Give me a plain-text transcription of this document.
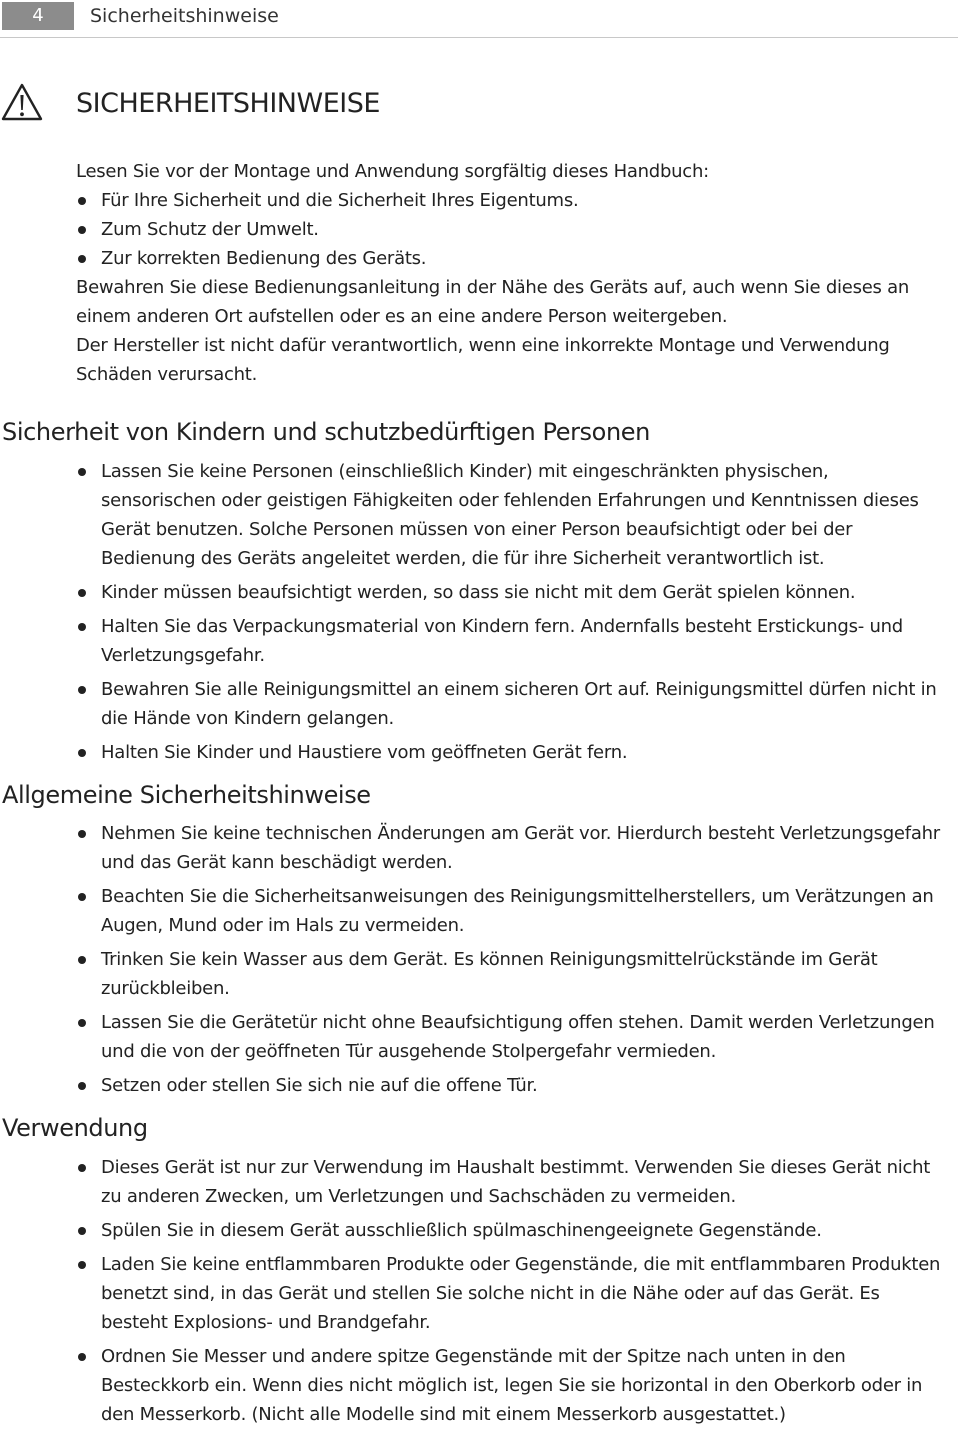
4	Sicherheitshinweise
SICHERHEITSHINWEISE

Lesen Sie vor der Montage und Anwendung sorgfältig dieses Handbuch:

Für Ihre Sicherheit und die Sicherheit Ihres Eigentums.
Zum Schutz der Umwelt.
Zur korrekten Bedienung des Geräts.

Bewahren Sie diese Bedienungsanleitung in der Nähe des Geräts auf, auch wenn Sie dieses an einem anderen Ort aufstellen oder es an eine andere Person weitergeben.

Der Hersteller ist nicht dafür verantwortlich, wenn eine inkorrekte Montage und Verwendung Schäden verursacht.

Sicherheit von Kindern und schutzbedürftigen Personen
Lassen Sie keine Personen (einschließlich Kinder) mit eingeschränkten physischen, sensorischen oder geistigen Fähigkeiten oder fehlenden Erfahrungen und Kenntnissen dieses Gerät benutzen. Solche Personen müssen von einer Person beaufsichtigt oder bei der Bedienung des Geräts angeleitet werden, die für ihre Sicherheit verantwortlich ist.
Kinder müssen beaufsichtigt werden, so dass sie nicht mit dem Gerät spielen können.
Halten Sie das Verpackungsmaterial von Kindern fern. Andernfalls besteht Erstickungs- und Verletzungsgefahr.
Bewahren Sie alle Reinigungsmittel an einem sicheren Ort auf. Reinigungsmittel dürfen nicht in die Hände von Kindern gelangen.
Halten Sie Kinder und Haustiere vom geöffneten Gerät fern.
Allgemeine Sicherheitshinweise
Nehmen Sie keine technischen Änderungen am Gerät vor. Hierdurch besteht Verletzungsgefahr und das Gerät kann beschädigt werden.
Beachten Sie die Sicherheitsanweisungen des Reinigungsmittelherstellers, um Verätzungen an Augen, Mund oder im Hals zu vermeiden.
Trinken Sie kein Wasser aus dem Gerät. Es können Reinigungsmittelrückstände im Gerät zurückbleiben.
Lassen Sie die Gerätetür nicht ohne Beaufsichtigung offen stehen. Damit werden Verletzungen und die von der geöffneten Tür ausgehende Stolpergefahr vermieden.
Setzen oder stellen Sie sich nie auf die offene Tür.
Verwendung
Dieses Gerät ist nur zur Verwendung im Haushalt bestimmt. Verwenden Sie dieses Gerät nicht zu anderen Zwecken, um Verletzungen und Sachschäden zu vermeiden.
Spülen Sie in diesem Gerät ausschließlich spülmaschinengeeignete Gegenstände.
Laden Sie keine entflammbaren Produkte oder Gegenstände, die mit entflammbaren Produkten benetzt sind, in das Gerät und stellen Sie solche nicht in die Nähe oder auf das Gerät. Es besteht Explosions- und Brandgefahr.
Ordnen Sie Messer und andere spitze Gegenstände mit der Spitze nach unten in den Besteckkorb ein. Wenn dies nicht möglich ist, legen Sie sie horizontal in den Oberkorb oder in den Messerkorb. (Nicht alle Modelle sind mit einem Messerkorb ausgestattet.)
